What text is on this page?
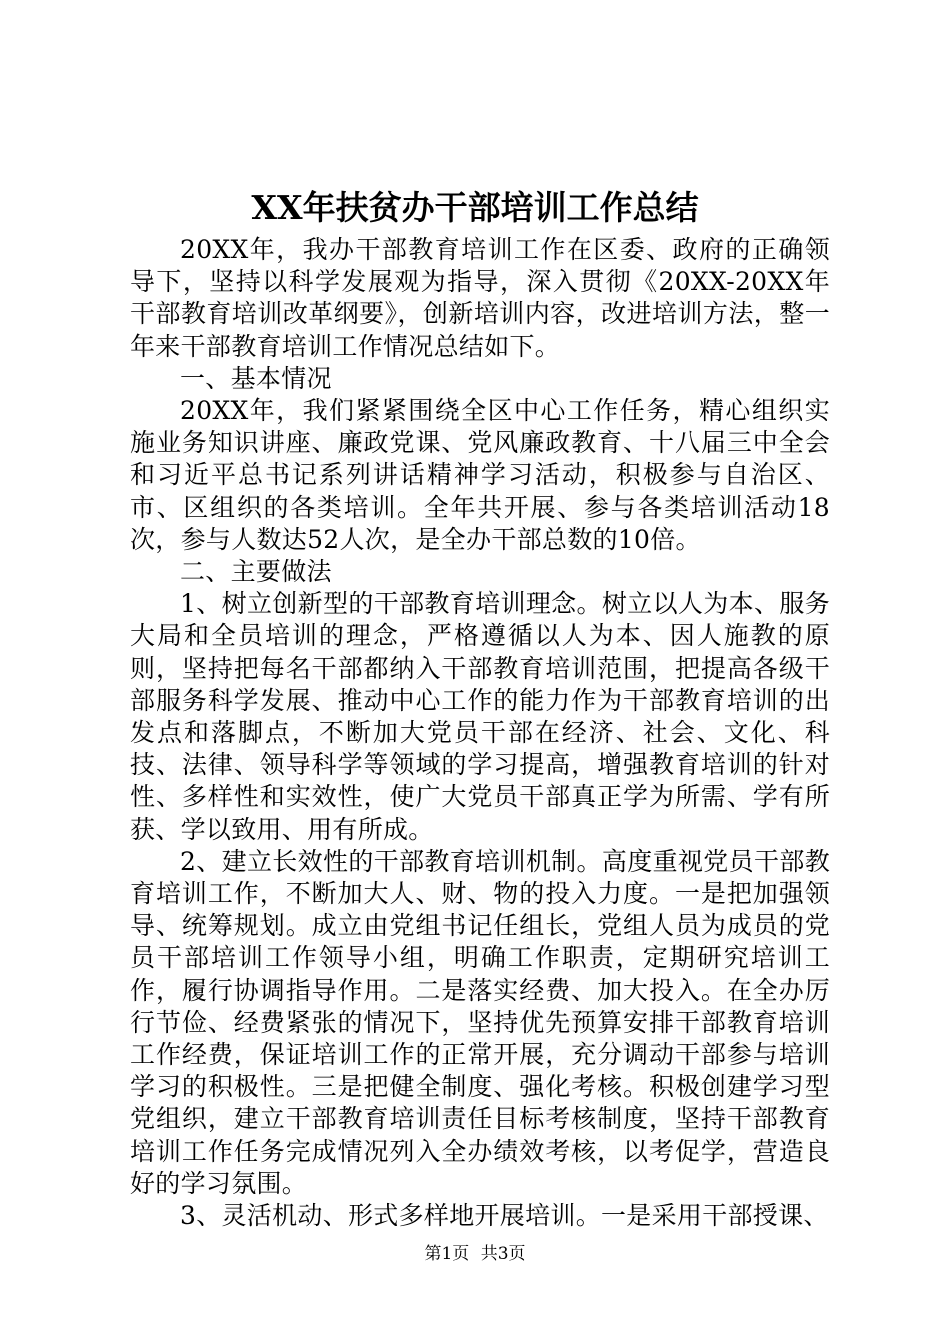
XX年扶贫办干部培训工作总结

20XX年，我办干部教育培训工作在区委、政府的正确领导下，坚持以科学发展观为指导，深入贯彻《20XX-20XX年干部教育培训改革纲要》，创新培训内容，改进培训方法，整一年来干部教育培训工作情况总结如下。

一、基本情况

20XX年，我们紧紧围绕全区中心工作任务，精心组织实施业务知识讲座、廉政党课、党风廉政教育、十八届三中全会和习近平总书记系列讲话精神学习活动，积极参与自治区、市、区组织的各类培训。全年共开展、参与各类培训活动18次，参与人数达52人次，是全办干部总数的10倍。

二、主要做法

1、树立创新型的干部教育培训理念。树立以人为本、服务大局和全员培训的理念，严格遵循以人为本、因人施教的原则，坚持把每名干部都纳入干部教育培训范围，把提高各级干部服务科学发展、推动中心工作的能力作为干部教育培训的出发点和落脚点，不断加大党员干部在经济、社会、文化、科技、法律、领导科学等领域的学习提高，增强教育培训的针对性、多样性和实效性，使广大党员干部真正学为所需、学有所获、学以致用、用有所成。

2、建立长效性的干部教育培训机制。高度重视党员干部教育培训工作，不断加大人、财、物的投入力度。一是把加强领导、统筹规划。成立由党组书记任组长，党组人员为成员的党员干部培训工作领导小组，明确工作职责，定期研究培训工作，履行协调指导作用。二是落实经费、加大投入。在全办厉行节俭、经费紧张的情况下，坚持优先预算安排干部教育培训工作经费，保证培训工作的正常开展，充分调动干部参与培训学习的积极性。三是把健全制度、强化考核。积极创建学习型党组织，建立干部教育培训责任目标考核制度，坚持干部教育培训工作任务完成情况列入全办绩效考核，以考促学，营造良好的学习氛围。

3、灵活机动、形式多样地开展培训。一是采用干部授课、

第1页 共3页
